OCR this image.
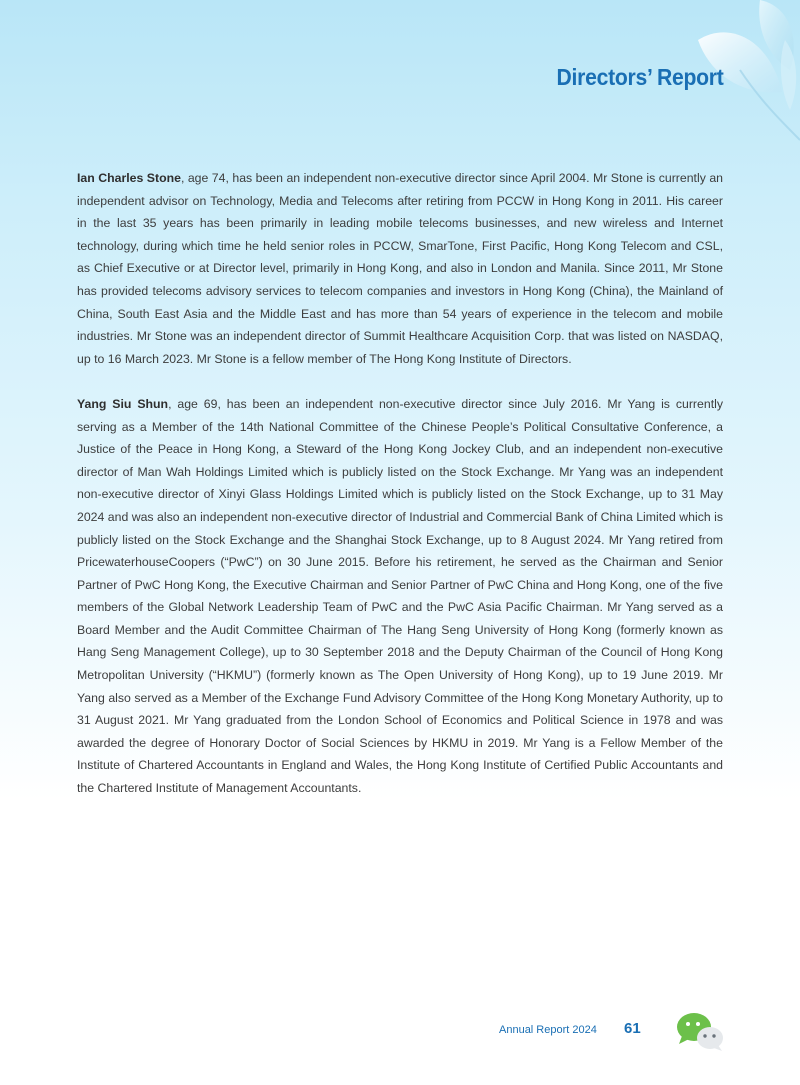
Directors’ Report

Ian Charles Stone, age 74, has been an independent non-executive director since April 2004. Mr Stone is currently an independent advisor on Technology, Media and Telecoms after retiring from PCCW in Hong Kong in 2011. His career in the last 35 years has been primarily in leading mobile telecoms businesses, and new wireless and Internet technology, during which time he held senior roles in PCCW, SmarTone, First Pacific, Hong Kong Telecom and CSL, as Chief Executive or at Director level, primarily in Hong Kong, and also in London and Manila. Since 2011, Mr Stone has provided telecoms advisory services to telecom companies and investors in Hong Kong (China), the Mainland of China, South East Asia and the Middle East and has more than 54 years of experience in the telecom and mobile industries. Mr Stone was an independent director of Summit Healthcare Acquisition Corp. that was listed on NASDAQ, up to 16 March 2023. Mr Stone is a fellow member of The Hong Kong Institute of Directors.

Yang Siu Shun, age 69, has been an independent non-executive director since July 2016. Mr Yang is currently serving as a Member of the 14th National Committee of the Chinese People’s Political Consultative Conference, a Justice of the Peace in Hong Kong, a Steward of the Hong Kong Jockey Club, and an independent non-executive director of Man Wah Holdings Limited which is publicly listed on the Stock Exchange. Mr Yang was an independent non-executive director of Xinyi Glass Holdings Limited which is publicly listed on the Stock Exchange, up to 31 May 2024 and was also an independent non-executive director of Industrial and Commercial Bank of China Limited which is publicly listed on the Stock Exchange and the Shanghai Stock Exchange, up to 8 August 2024. Mr Yang retired from PricewaterhouseCoopers (“PwC”) on 30 June 2015. Before his retirement, he served as the Chairman and Senior Partner of PwC Hong Kong, the Executive Chairman and Senior Partner of PwC China and Hong Kong, one of the five members of the Global Network Leadership Team of PwC and the PwC Asia Pacific Chairman. Mr Yang served as a Board Member and the Audit Committee Chairman of The Hang Seng University of Hong Kong (formerly known as Hang Seng Management College), up to 30 September 2018 and the Deputy Chairman of the Council of Hong Kong Metropolitan University (“HKMU”) (formerly known as The Open University of Hong Kong), up to 19 June 2019. Mr Yang also served as a Member of the Exchange Fund Advisory Committee of the Hong Kong Monetary Authority, up to 31 August 2021. Mr Yang graduated from the London School of Economics and Political Science in 1978 and was awarded the degree of Honorary Doctor of Social Sciences by HKMU in 2019. Mr Yang is a Fellow Member of the Institute of Chartered Accountants in England and Wales, the Hong Kong Institute of Certified Public Accountants and the Chartered Institute of Management Accountants.

Annual Report 2024 61
